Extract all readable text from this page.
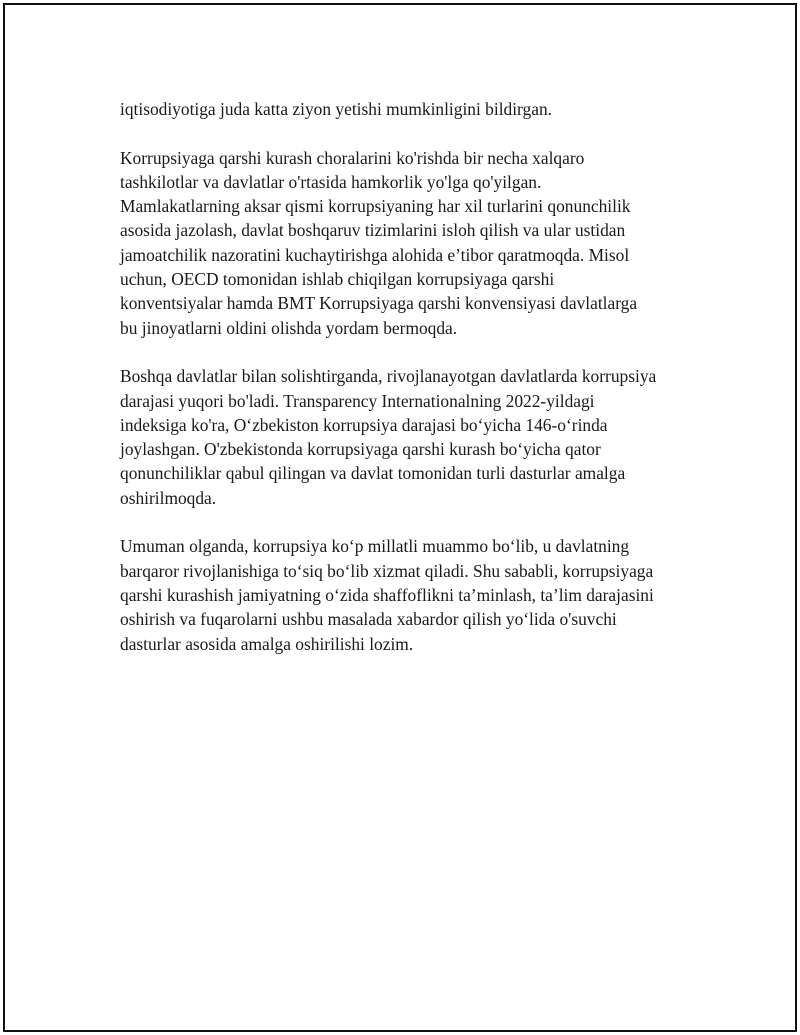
iqtisodiyotiga juda katta ziyon yetishi mumkinligini bildirgan.

Korrupsiyaga qarshi kurash choralarini ko'rishda bir necha xalqaro
tashkilotlar va davlatlar o'rtasida hamkorlik yo'lga qo'yilgan.
Mamlakatlarning aksar qismi korrupsiyaning har xil turlarini qonunchilik
asosida jazolash, davlat boshqaruv tizimlarini isloh qilish va ular ustidan
jamoatchilik nazoratini kuchaytirishga alohida e’tibor qaratmoqda. Misol
uchun, OECD tomonidan ishlab chiqilgan korrupsiyaga qarshi
konventsiyalar hamda BMT Korrupsiyaga qarshi konvensiyasi davlatlarga
bu jinoyatlarni oldini olishda yordam bermoqda.

Boshqa davlatlar bilan solishtirganda, rivojlanayotgan davlatlarda korrupsiya
darajasi yuqori bo'ladi. Transparency Internationalning 2022-yildagi
indeksiga ko'ra, O‘zbekiston korrupsiya darajasi bo‘yicha 146-o‘rinda
joylashgan. O'zbekistonda korrupsiyaga qarshi kurash bo‘yicha qator
qonunchiliklar qabul qilingan va davlat tomonidan turli dasturlar amalga
oshirilmoqda.

Umuman olganda, korrupsiya ko‘p millatli muammo bo‘lib, u davlatning
barqaror rivojlanishiga to‘siq bo‘lib xizmat qiladi. Shu sababli, korrupsiyaga
qarshi kurashish jamiyatning o‘zida shaffoflikni ta’minlash, ta’lim darajasini
oshirish va fuqarolarni ushbu masalada xabardor qilish yo‘lida o'suvchi
dasturlar asosida amalga oshirilishi lozim.
